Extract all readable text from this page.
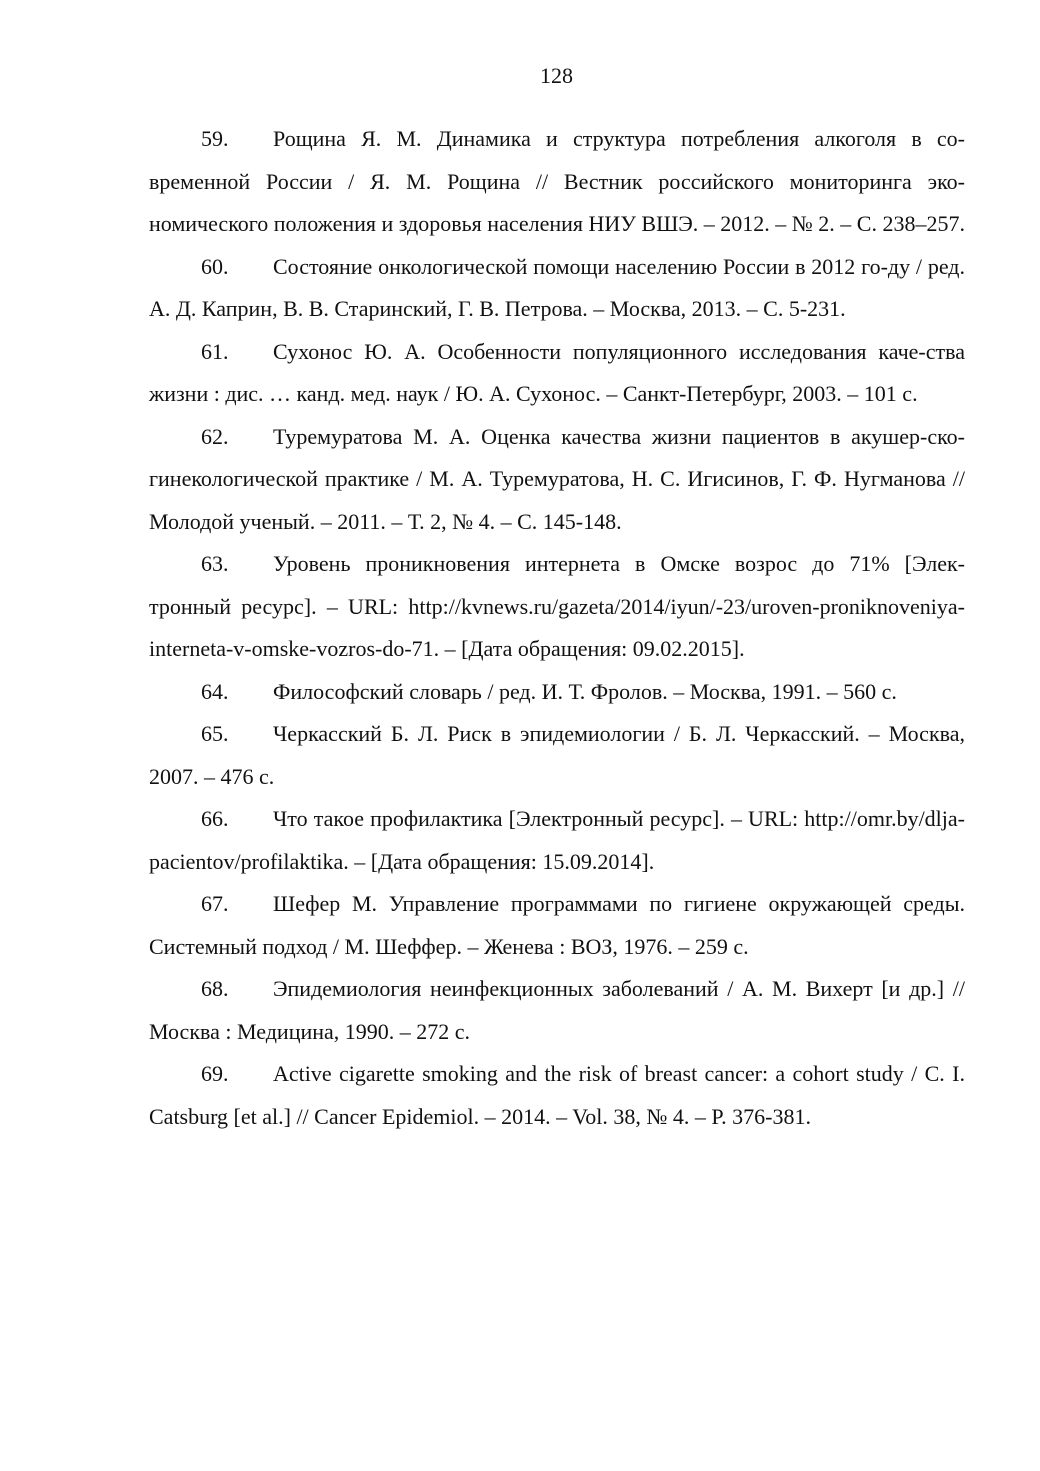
128

59. Рощина Я. М. Динамика и структура потребления алкоголя в со-временной России / Я. М. Рощина // Вестник российского мониторинга эко-номического положения и здоровья населения НИУ ВШЭ. – 2012. – № 2. – С. 238–257.

60. Состояние онкологической помощи населению России в 2012 го-ду / ред. А. Д. Каприн, В. В. Старинский, Г. В. Петрова. – Москва, 2013. – С. 5-231.

61. Сухонос Ю. А. Особенности популяционного исследования каче-ства жизни : дис. … канд. мед. наук / Ю. А. Сухонос. – Санкт-Петербург, 2003. – 101 с.

62. Туремуратова М. А. Оценка качества жизни пациентов в акушер-ско-гинекологической практике / М. А. Туремуратова, Н. С. Игисинов, Г. Ф. Нугманова // Молодой ученый. – 2011. – Т. 2, № 4. – С. 145-148.

63. Уровень проникновения интернета в Омске возрос до 71% [Элек-тронный ресурс]. – URL: http://kvnews.ru/gazeta/2014/iyun/-23/uroven-proniknoveniya-interneta-v-omske-vozros-do-71. – [Дата обращения: 09.02.2015].

64. Философский словарь / ред. И. Т. Фролов. – Москва, 1991. – 560 с.

65. Черкасский Б. Л. Риск в эпидемиологии / Б. Л. Черкасский. – Москва, 2007. – 476 с.

66. Что такое профилактика [Электронный ресурс]. – URL: http://omr.by/dlja-pacientov/profilaktika. – [Дата обращения: 15.09.2014].

67. Шефер М. Управление программами по гигиене окружающей среды. Системный подход / М. Шеффер. – Женева : ВОЗ, 1976. – 259 с.

68. Эпидемиология неинфекционных заболеваний / А. М. Вихерт [и др.] // Москва : Медицина, 1990. – 272 с.

69. Active cigarette smoking and the risk of breast cancer: a cohort study / C. I. Catsburg [et al.] // Cancer Epidemiol. – 2014. – Vol. 38, № 4. – P. 376-381.
